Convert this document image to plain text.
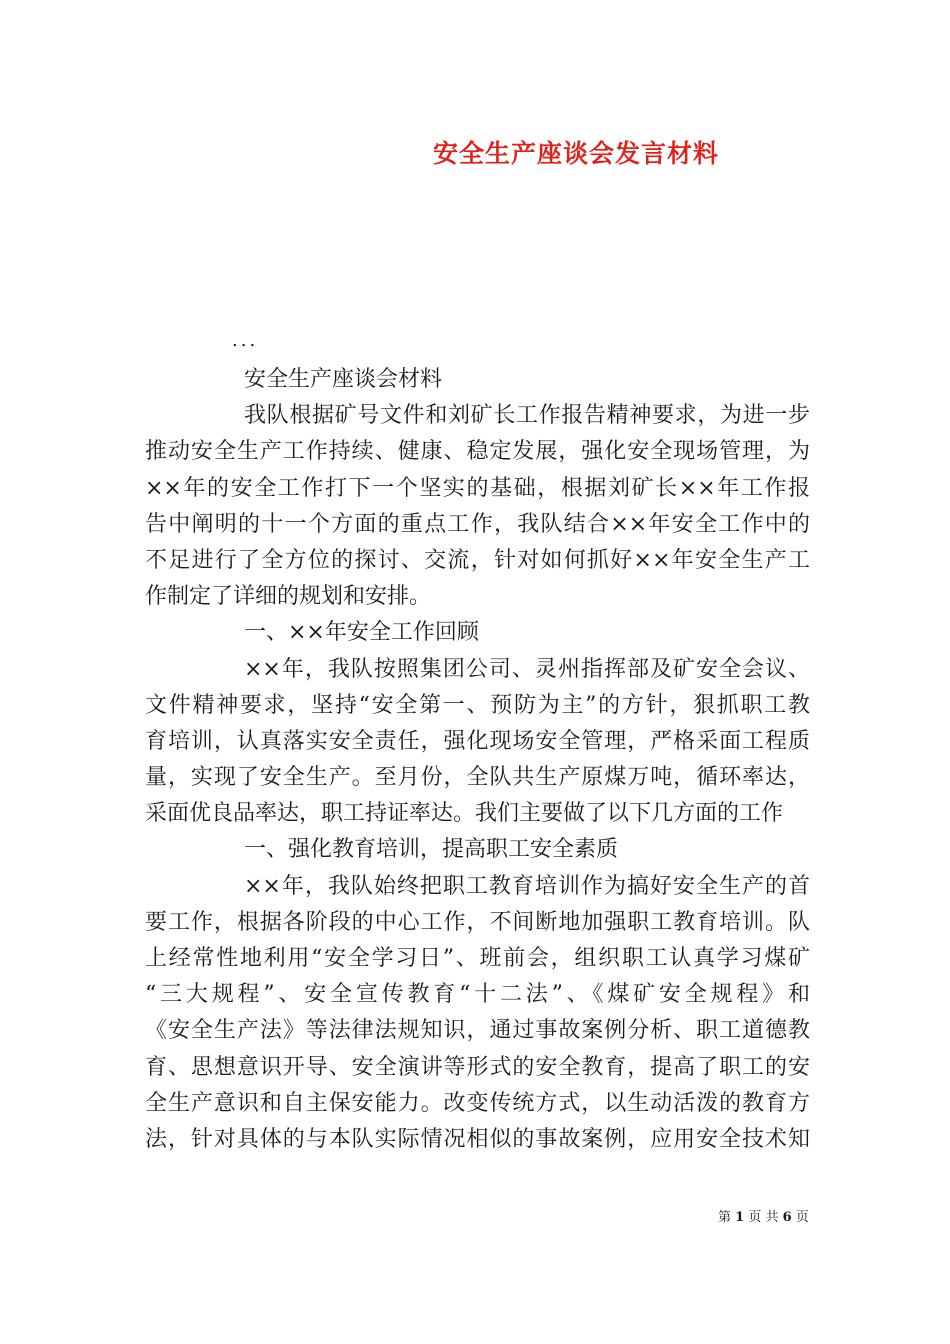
安全生产座谈会发言材料
...
安全生产座谈会材料
我队根据矿号文件和刘矿长工作报告精神要求，为进一步
推动安全生产工作持续、健康、稳定发展，强化安全现场管理，为
××年的安全工作打下一个坚实的基础，根据刘矿长××年工作报
告中阐明的十一个方面的重点工作，我队结合××年安全工作中的
不足进行了全方位的探讨、交流，针对如何抓好××年安全生产工
作制定了详细的规划和安排。
一、××年安全工作回顾
××年，我队按照集团公司、灵州指挥部及矿安全会议、
文件精神要求，坚持“安全第一、预防为主”的方针，狠抓职工教
育培训，认真落实安全责任，强化现场安全管理，严格采面工程质
量，实现了安全生产。至月份，全队共生产原煤万吨，循环率达，
采面优良品率达，职工持证率达。我们主要做了以下几方面的工作
一、强化教育培训，提高职工安全素质
××年，我队始终把职工教育培训作为搞好安全生产的首
要工作，根据各阶段的中心工作，不间断地加强职工教育培训。队
上经常性地利用“安全学习日”、班前会，组织职工认真学习煤矿
“三大规程”、安全宣传教育“十二法”、《煤矿安全规程》和
《安全生产法》等法律法规知识，通过事故案例分析、职工道德教
育、思想意识开导、安全演讲等形式的安全教育，提高了职工的安
全生产意识和自主保安能力。改变传统方式，以生动活泼的教育方
法，针对具体的与本队实际情况相似的事故案例，应用安全技术知
第 1 页 共 6 页
